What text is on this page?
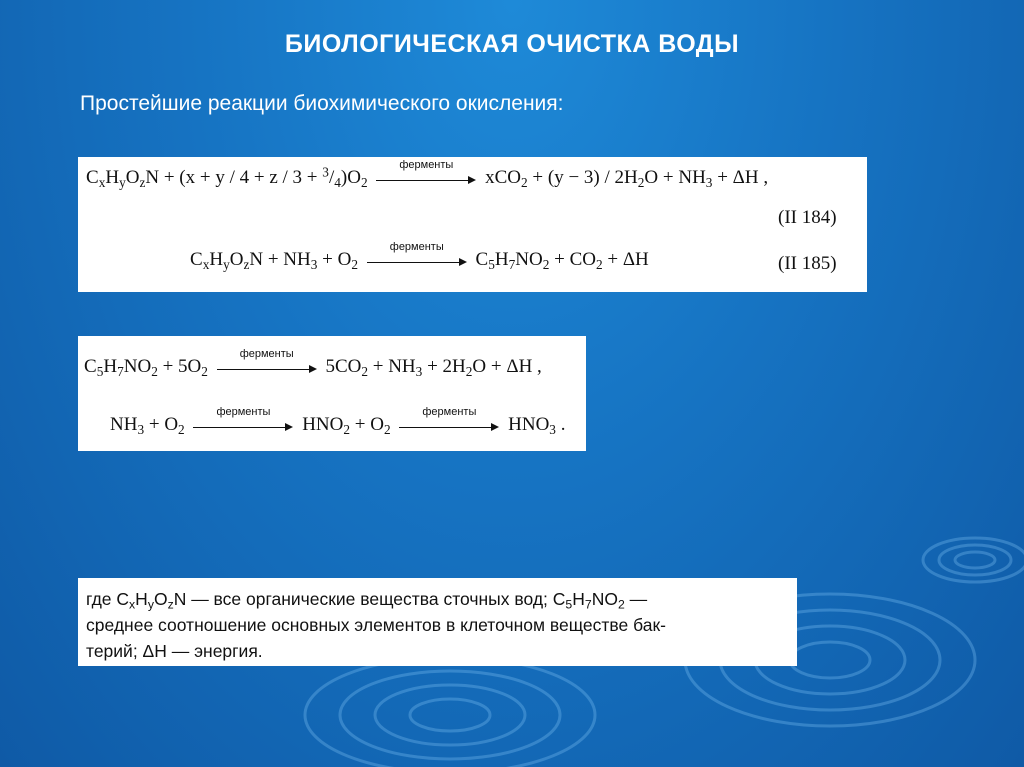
БИОЛОГИЧЕСКАЯ ОЧИСТКА ВОДЫ
Простейшие реакции биохимического окисления:
$C_xH_yO_zN + (x + y / 4 + z / 3 + ^3/_4)O_2$
ферменты
$xCO_2 + (y - 3) / 2H_2O + NH_3 + \Delta H$ ,
(II 184)
$C_xH_yO_zN + NH_3 + O_2$
ферменты
$C_5H_7NO_2 + CO_2 + \Delta H$	(II 185)
$C_5H_7NO_2 + 5O_2$
ферменты
$5CO_2 + NH_3 + 2H_2O + \Delta H$ ,
$NH_3 + O_2$
ферменты
$HNO_2 + O_2$
ферменты
$HNO_3$ .
где $C_xH_yO_zN$ — все органические вещества сточных вод; $C_5H_7NO_2$ —
среднее соотношение основных элементов в клеточном веществе бак-
терий; ΔH — энергия.
